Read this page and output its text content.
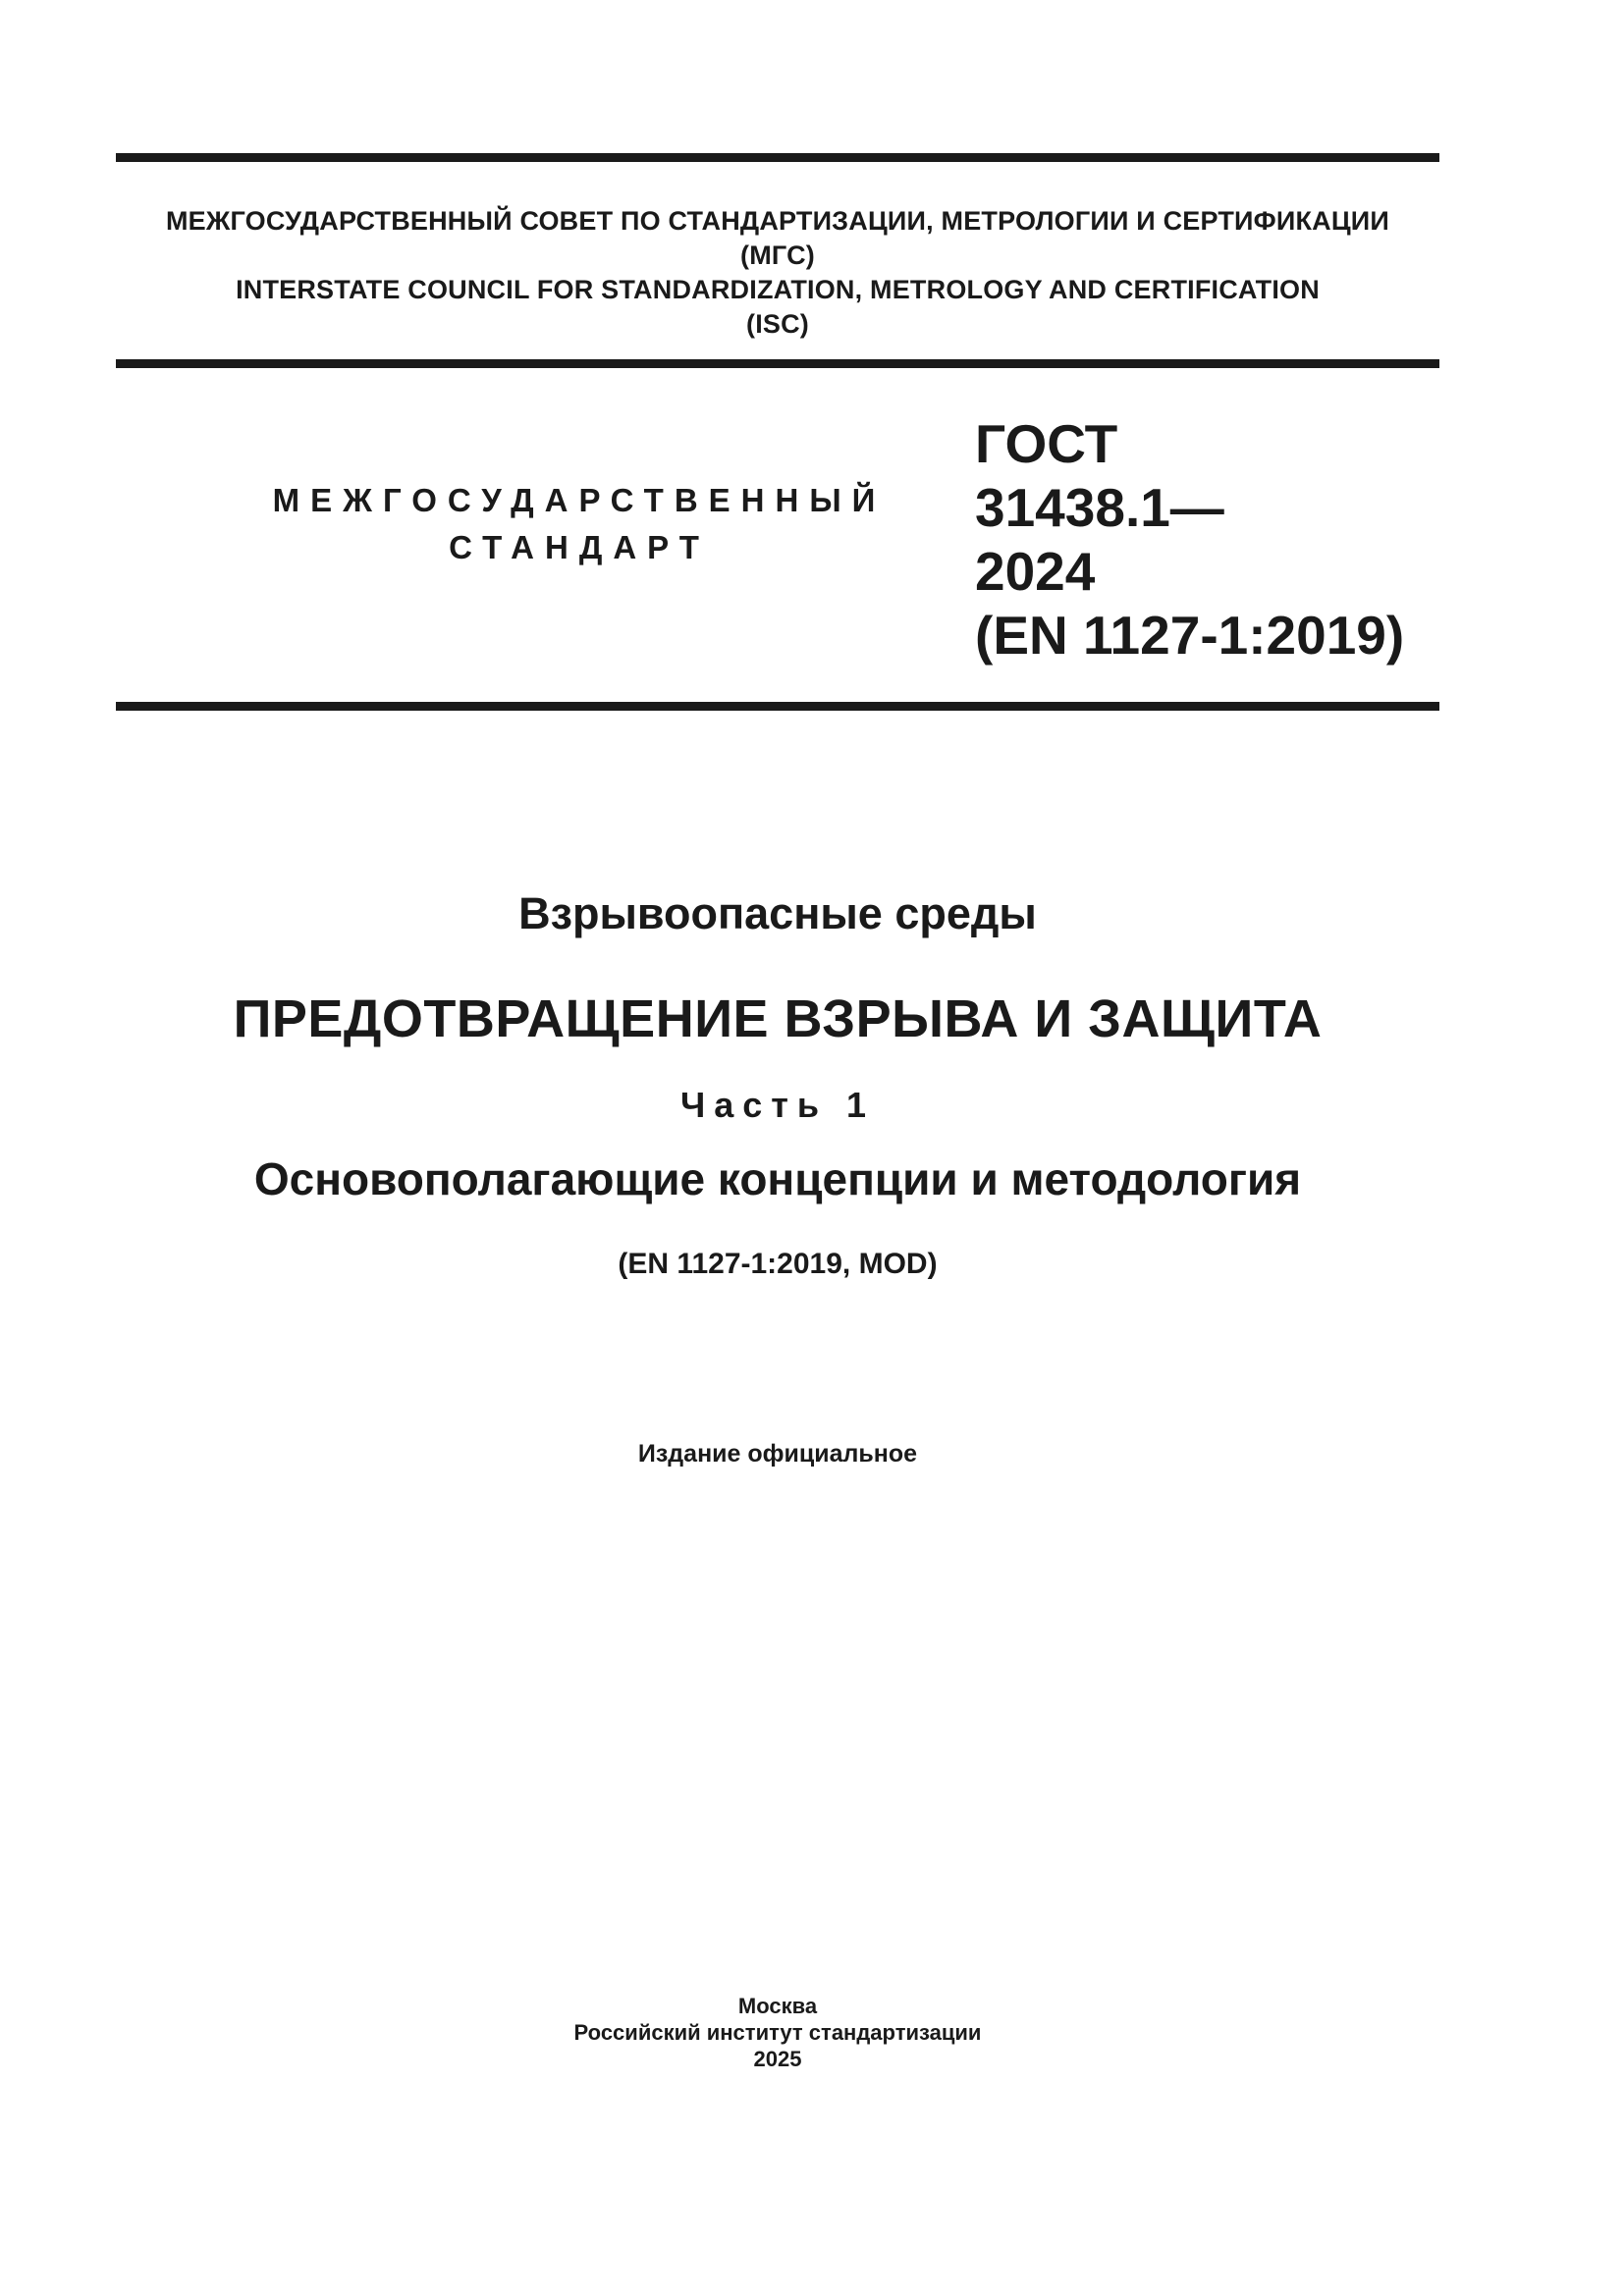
МЕЖГОСУДАРСТВЕННЫЙ СОВЕТ ПО СТАНДАРТИЗАЦИИ, МЕТРОЛОГИИ И СЕРТИФИКАЦИИ
(МГС)
INTERSTATE COUNCIL FOR STANDARDIZATION, METROLOGY AND CERTIFICATION
(ISC)
МЕЖГОСУДАРСТВЕННЫЙ
СТАНДАРТ
ГОСТ
31438.1—
2024
(EN 1127-1:2019)
Взрывоопасные среды
ПРЕДОТВРАЩЕНИЕ ВЗРЫВА И ЗАЩИТА
Часть 1
Основополагающие концепции и методология
(EN 1127-1:2019, MOD)
Издание официальное
Москва
Российский институт стандартизации
2025
